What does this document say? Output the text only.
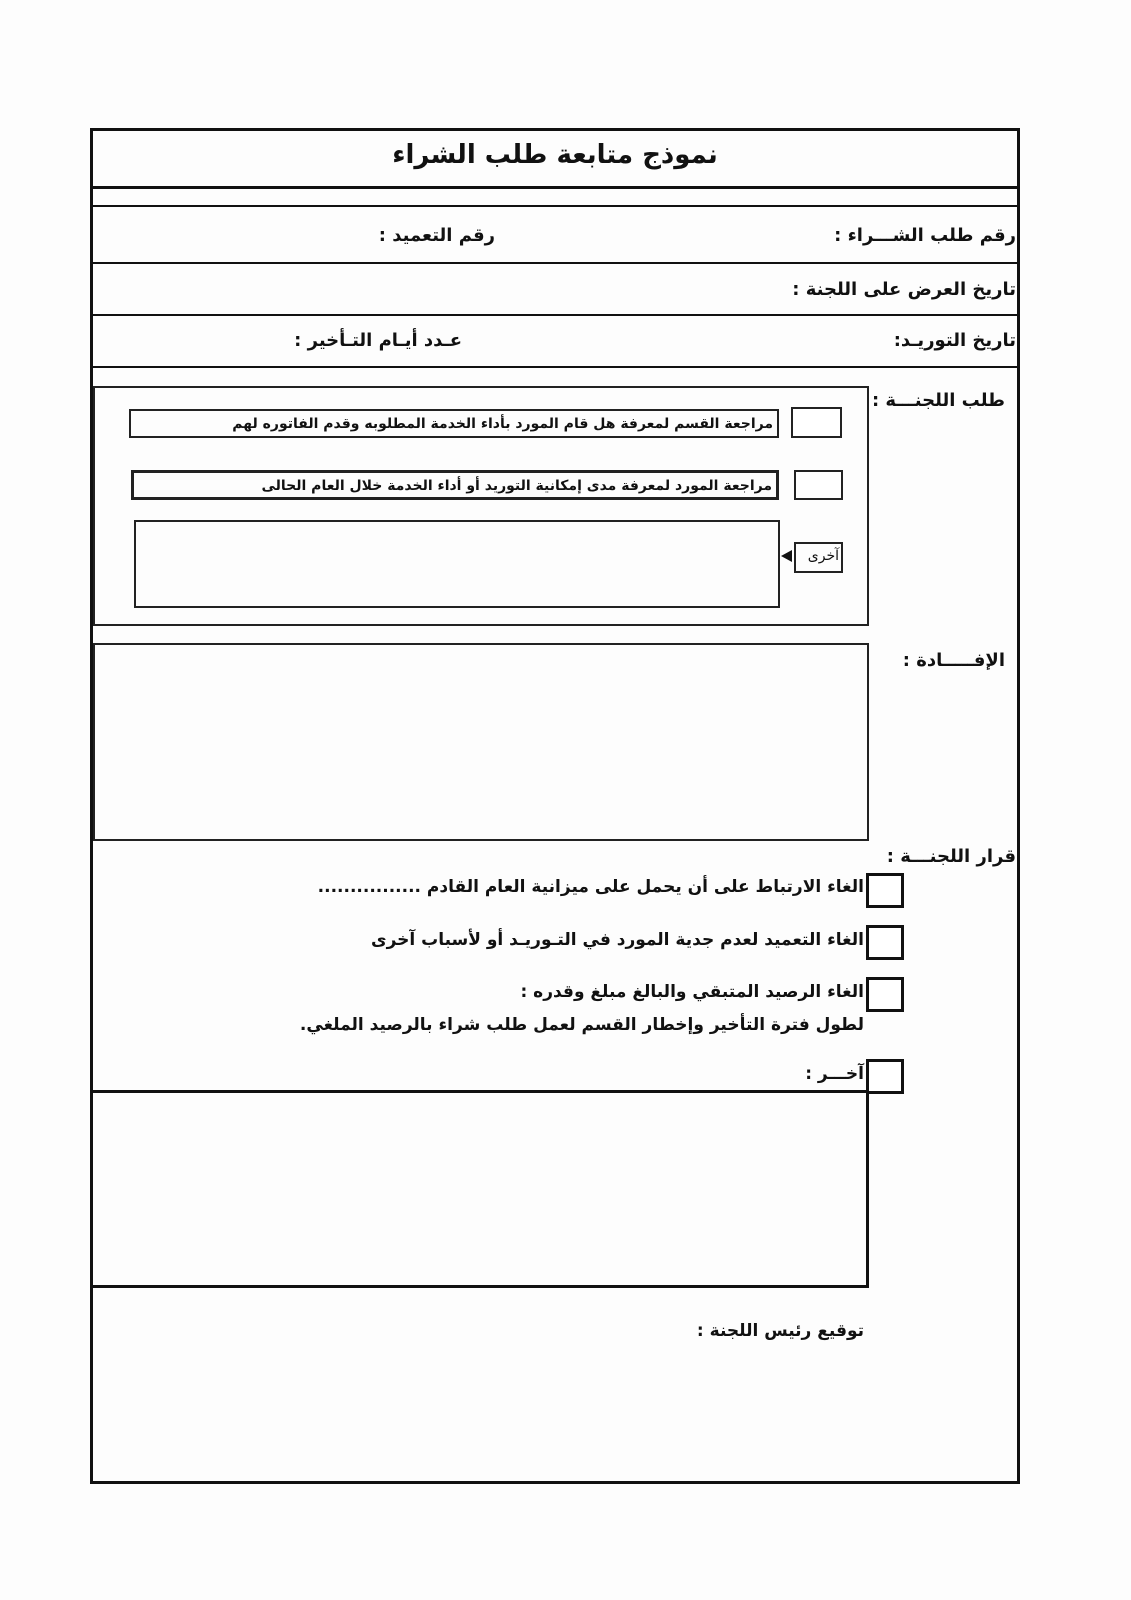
نموذج متابعة طلب الشراء
رقم طلب الشـــراء :
رقم التعميد :
تاريخ العرض على اللجنة :
تاريخ التوريـد:
عـدد أيـام التـأخير :
طلب اللجنـــة :
مراجعة القسم لمعرفة هل قام المورد بأداء الخدمة المطلوبه وقدم الفاتوره لهم
مراجعة المورد لمعرفة مدى إمكانية التوريد أو أداء الخدمة خلال العام الحالى
آخرى
الإفـــــادة :
قرار اللجنـــة :
الغاء الارتباط على أن يحمل على ميزانية العام القادم ................
الغاء التعميد لعدم جدية المورد في التـوريـد أو لأسباب آخرى
الغاء الرصيد المتبقي والبالغ مبلغ وقدره :
لطول فترة التأخير وإخطار القسم لعمل طلب شراء بالرصيد الملغي.
آخـــر :
توقيع رئيس اللجنة :
